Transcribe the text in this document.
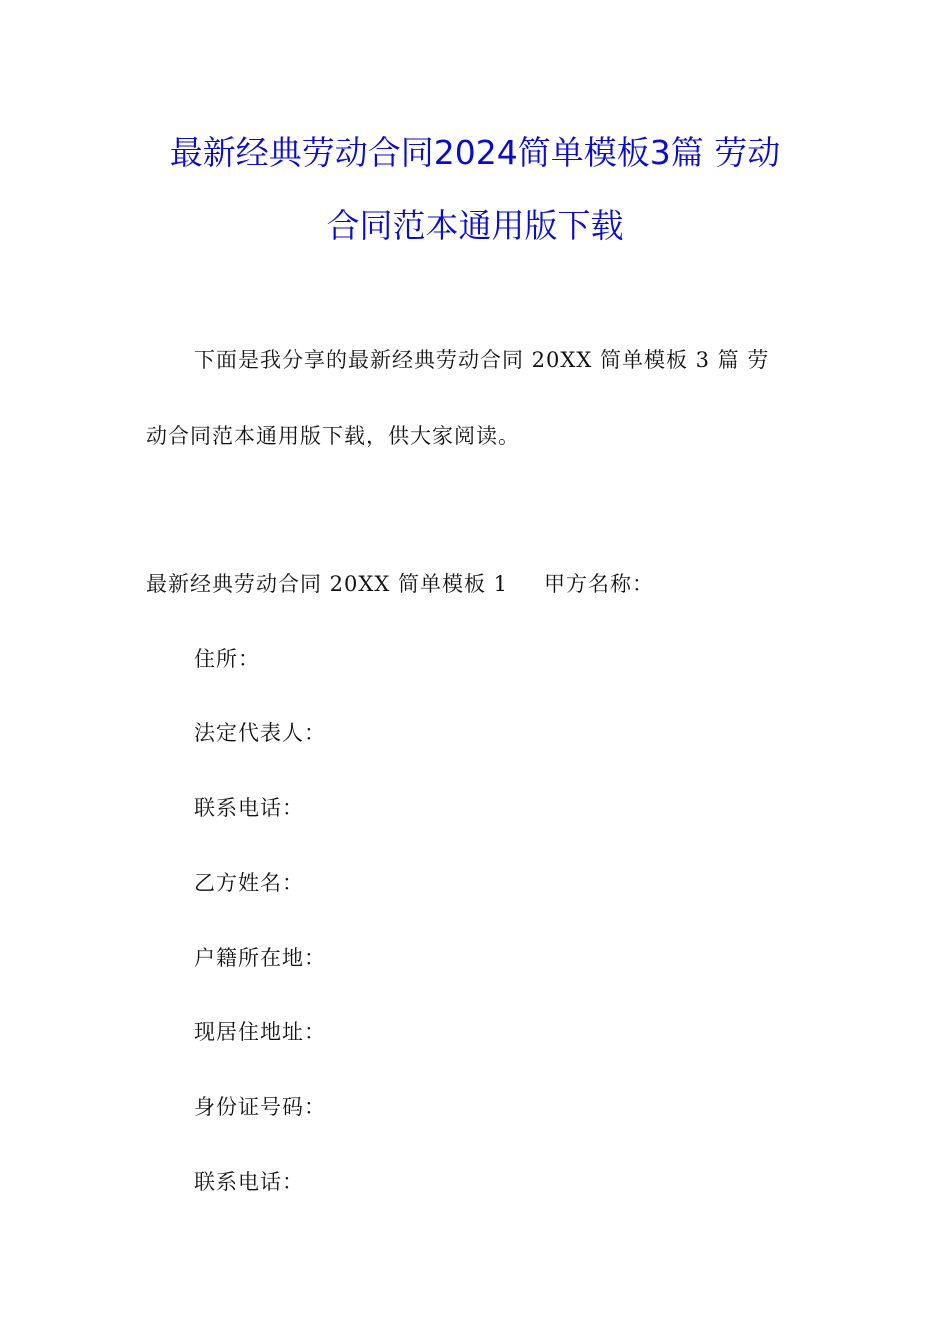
最新经典劳动合同2024简单模板3篇 劳动
合同范本通用版下载
下面是我分享的最新经典劳动合同 20XX 简单模板 3 篇 劳
动合同范本通用版下载，供大家阅读。
最新经典劳动合同 20XX 简单模板 1 甲方名称：
住所：
法定代表人：
联系电话：
乙方姓名：
户籍所在地：
现居住地址：
身份证号码：
联系电话：
